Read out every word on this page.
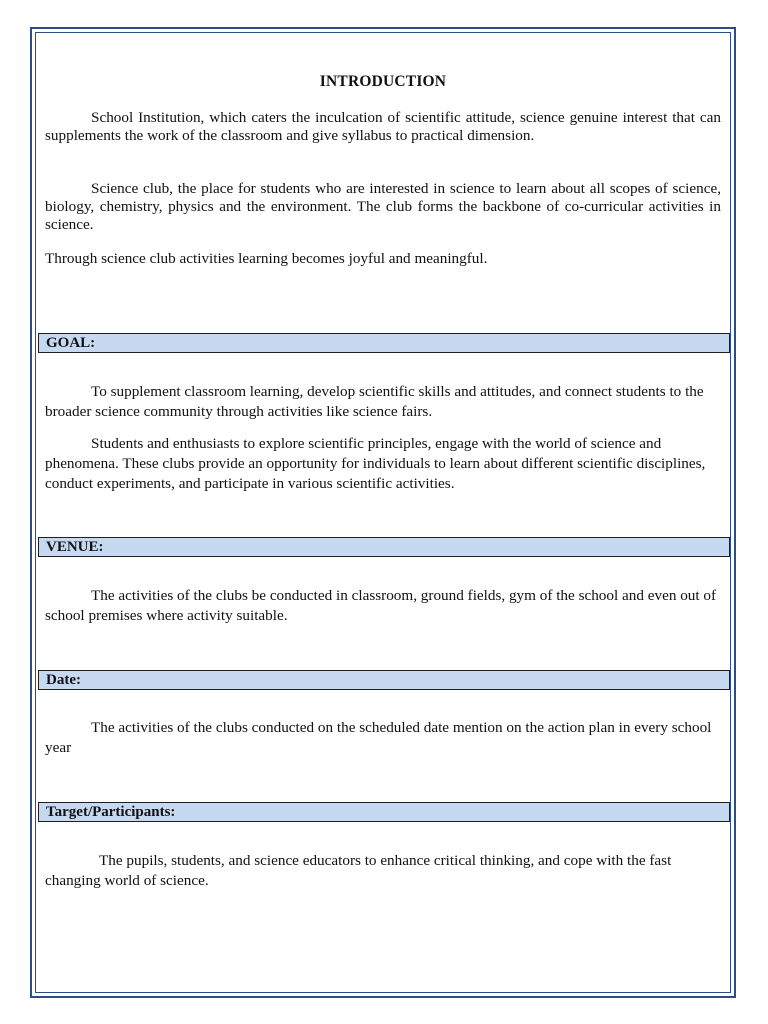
INTRODUCTION

School Institution, which caters the inculcation of scientific attitude, science genuine interest that can supplements the work of the classroom and give syllabus to practical dimension.

Science club, the place for students who are interested in science to learn about all scopes of science, biology, chemistry, physics and the environment. The club forms the backbone of co-curricular activities in science.

Through science club activities learning becomes joyful and meaningful.

GOAL:

To supplement classroom learning, develop scientific skills and attitudes, and connect students to the broader science community through activities like science fairs.

Students and enthusiasts to explore scientific principles, engage with the world of science and phenomena. These clubs provide an opportunity for individuals to learn about different scientific disciplines, conduct experiments, and participate in various scientific activities.

VENUE:

The activities of the clubs be conducted in classroom, ground fields, gym of the school and even out of school premises where activity suitable.

Date:

The activities of the clubs conducted on the scheduled date mention on the action plan in every school year

Target/Participants:

The pupils, students, and science educators to enhance critical thinking, and cope with the fast changing world of science.
